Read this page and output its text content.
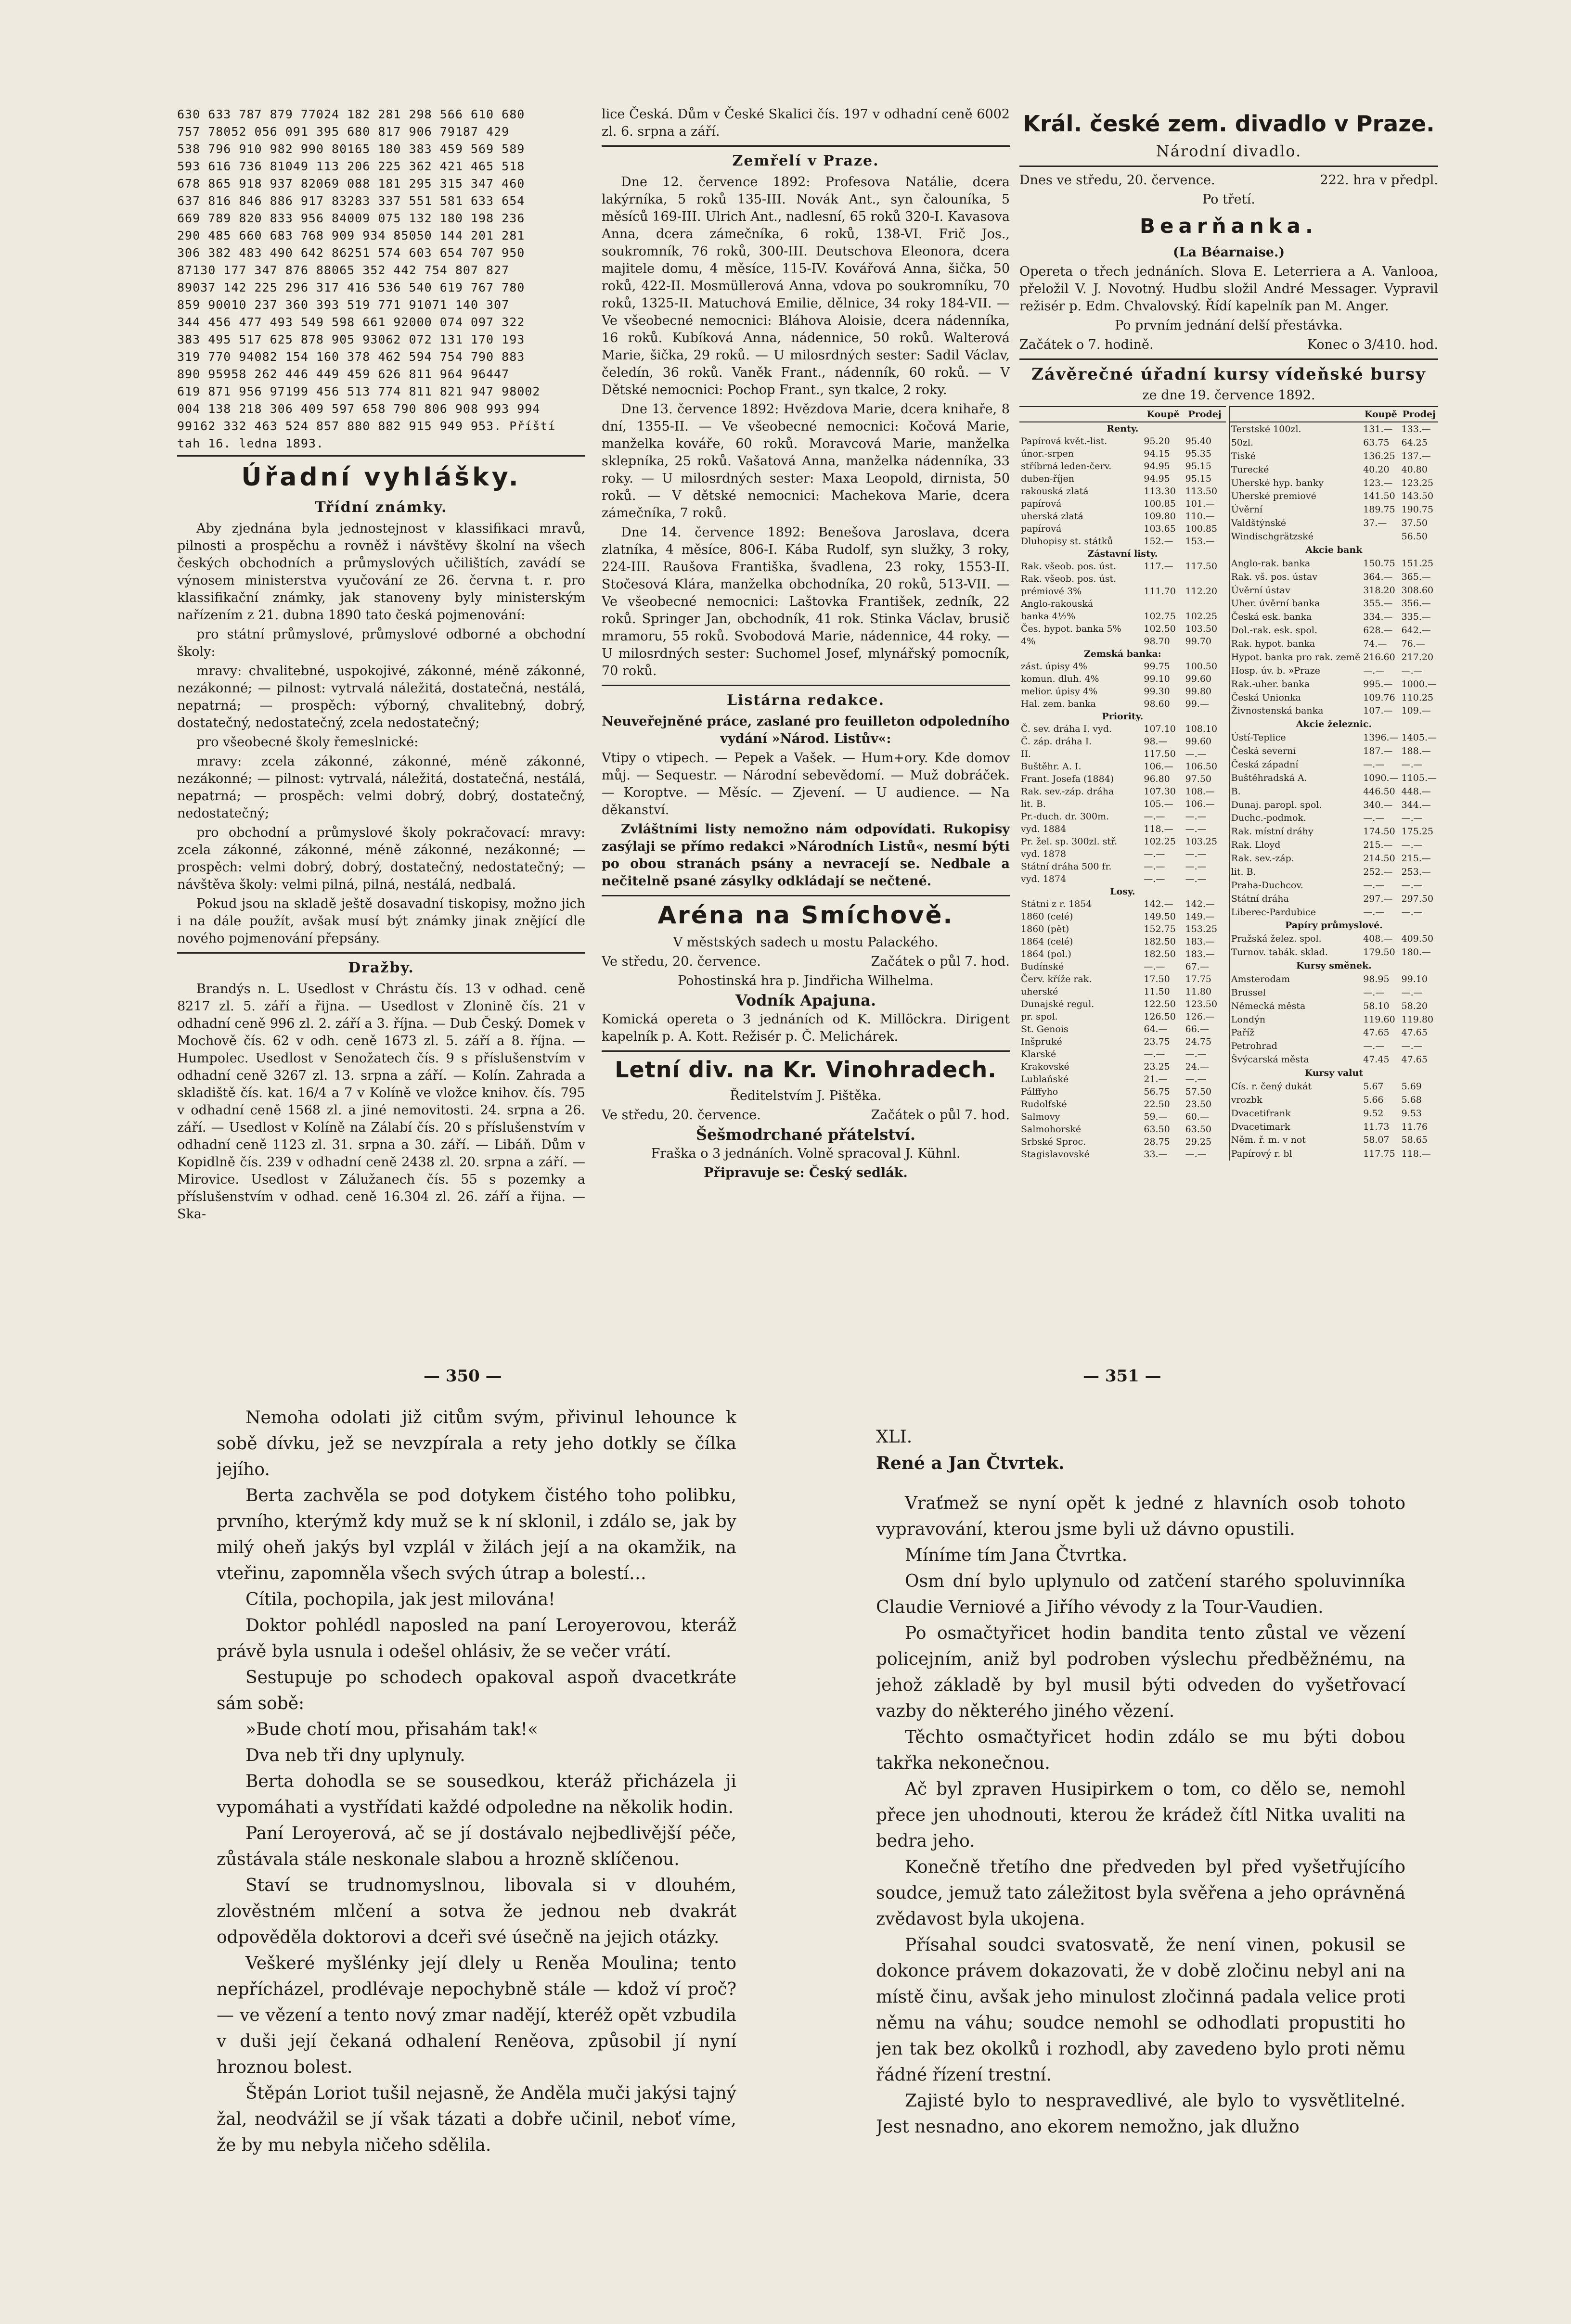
630 633 787 879 77024 182 281 298 566 610 680

757 78052 056 091 395 680 817 906 79187 429

538 796 910 982 990 80165 180 383 459 569 589

593 616 736 81049 113 206 225 362 421 465 518

678 865 918 937 82069 088 181 295 315 347 460

637 816 846 886 917 83283 337 551 581 633 654

669 789 820 833 956 84009 075 132 180 198 236

290 485 660 683 768 909 934 85050 144 201 281

306 382 483 490 642 86251 574 603 654 707 950

87130 177 347 876 88065 352 442 754 807 827

89037 142 225 296 317 416 536 540 619 767 780

859 90010 237 360 393 519 771 91071 140 307

344 456 477 493 549 598 661 92000 074 097 322

383 495 517 625 878 905 93062 072 131 170 193

319 770 94082 154 160 378 462 594 754 790 883

890 95958 262 446 449 459 626 811 964 96447

619 871 956 97199 456 513 774 811 821 947 98002

004 138 218 306 409 597 658 790 806 908 993 994

99162 332 463 524 857 880 882 915 949 953. Příští

tah 16. ledna 1893.

Úřadní vyhlášky.
Třídní známky.

Aby zjednána byla jednostejnost v klassifikaci mravů, pilnosti a prospěchu a rovněž i návštěvy školní na všech českých obchodních a průmyslových učilištích, zavádí se výnosem ministerstva vyučování ze 26. června t. r. pro klassifikační známky, jak stanoveny byly ministerským nařízením z 21. dubna 1890 tato česká pojmenování:

pro státní průmyslové, průmyslové odborné a obchodní školy:

mravy: chvalitebné, uspokojivé, zákonné, méně zákonné, nezákonné; — pilnost: vytrvalá náležitá, dostatečná, nestálá, nepatrná; — prospěch: výborný, chvalitebný, dobrý, dostatečný, nedostatečný, zcela nedostatečný;

pro všeobecné školy řemeslnické:

mravy: zcela zákonné, zákonné, méně zákonné, nezákonné; — pilnost: vytrvalá, náležitá, dostatečná, nestálá, nepatrná; — prospěch: velmi dobrý, dobrý, dostatečný, nedostatečný;

pro obchodní a průmyslové školy pokračovací: mravy: zcela zákonné, zákonné, méně zákonné, nezákonné; — prospěch: velmi dobrý, dobrý, dostatečný, nedostatečný; — návštěva školy: velmi pilná, pilná, nestálá, nedbalá.

Pokud jsou na skladě ještě dosavadní tiskopisy, možno jich i na dále použít, avšak musí být známky jinak znějící dle nového pojmenování přepsány.

Dražby.

Brandýs n. L. Usedlost v Chrástu čís. 13 v odhad. ceně 8217 zl. 5. září a řijna. — Usedlost v Zlonině čís. 21 v odhadní ceně 996 zl. 2. září a 3. října. — Dub Český. Domek v Mochově čís. 62 v odh. ceně 1673 zl. 5. září a 8. října. — Humpolec. Usedlost v Senožatech čís. 9 s příslušenstvím v odhadní ceně 3267 zl. 13. srpna a září. — Kolín. Zahrada a skladiště čís. kat. 16/4 a 7 v Kolíně ve vložce knihov. čís. 795 v odhadní ceně 1568 zl. a jiné nemovitosti. 24. srpna a 26. září. — Usedlost v Kolíně na Zálabí čís. 20 s příslušenstvím v odhadní ceně 1123 zl. 31. srpna a 30. září. — Libáň. Dům v Kopidlně čís. 239 v odhadní ceně 2438 zl. 20. srpna a září. — Mirovice. Usedlost v Zálužanech čís. 55 s pozemky a příslušenstvím v odhad. ceně 16.304 zl. 26. září a řijna. — Ska-

lice Česká. Dům v České Skalici čís. 197 v odhadní ceně 6002 zl. 6. srpna a září.

Zemřelí v Praze.

Dne 12. července 1892: Profesova Natálie, dcera lakýrníka, 5 roků 135-III. Novák Ant., syn čalouníka, 5 měsíců 169-III. Ulrich Ant., nadlesní, 65 roků 320-I. Kavasova Anna, dcera zámečníka, 6 roků, 138-VI. Frič Jos., soukromník, 76 roků, 300-III. Deutschova Eleonora, dcera majitele domu, 4 měsíce, 115-IV. Kovářová Anna, šička, 50 roků, 422-II. Mosmüllerová Anna, vdova po soukromníku, 70 roků, 1325-II. Matuchová Emilie, dělnice, 34 roky 184-VII. — Ve všeobecné nemocnici: Bláhova Aloisie, dcera nádenníka, 16 roků. Kubíková Anna, nádennice, 50 roků. Walterová Marie, šička, 29 roků. — U milosrdných sester: Sadil Václav, čeledín, 36 roků. Vaněk Frant., nádenník, 60 roků. — V Dětské nemocnici: Pochop Frant., syn tkalce, 2 roky.

Dne 13. července 1892: Hvězdova Marie, dcera knihaře, 8 dní, 1355-II. — Ve všeobecné nemocnici: Kočová Marie, manželka kováře, 60 roků. Moravcová Marie, manželka sklepníka, 25 roků. Vašatová Anna, manželka nádenníka, 33 roky. — U milosrdných sester: Maxa Leopold, dirnista, 50 roků. — V dětské nemocnici: Machekova Marie, dcera zámečníka, 7 roků.

Dne 14. července 1892: Benešova Jaroslava, dcera zlatníka, 4 měsíce, 806-I. Kába Rudolf, syn služky, 3 roky, 224-III. Raušova Františka, švadlena, 23 roky, 1553-II. Stočesová Klára, manželka obchodníka, 20 roků, 513-VII. — Ve všeobecné nemocnici: Laštovka František, zedník, 22 roků. Springer Jan, obchodník, 41 rok. Stinka Václav, brusič mramoru, 55 roků. Svobodová Marie, nádennice, 44 roky. — U milosrdných sester: Suchomel Josef, mlynářský pomocník, 70 roků.

Listárna redakce.

Neuveřejněné práce, zaslané pro feuilleton odpoledního vydání »Národ. Listův«:

Vtipy o vtipech. — Pepek a Vašek. — Hum+ory. Kde domov můj. — Sequestr. — Národní sebevědomí. — Muž dobráček. — Koroptve. — Měsíc. — Zjevení. — U audience. — Na děkanství.

Zvláštními listy nemožno nám odpovídati. Rukopisy zasýlaji se přímo redakci »Národních Listů«, nesmí býti po obou stranách psány a nevracejí se. Nedbale a nečitelně psané zásylky odkládají se nečtené.

Aréna na Smíchově.

V městských sadech u mostu Palackého.

Ve středu, 20. července.	Začátek o půl 7. hod.

Pohostinská hra p. Jindřicha Wilhelma.

Vodník Apajuna.

Komická opereta o 3 jednáních od K. Millöckra. Dirigent kapelník p. A. Kott. Režisér p. Č. Melichárek.

Letní div. na Kr. Vinohradech.

Ředitelstvím J. Pištěka.

Ve středu, 20. července.	Začátek o půl 7. hod.

Šešmodrchané přátelství.

Fraška o 3 jednáních. Volně spracoval J. Kühnl.

Připravuje se: Český sedlák.

Král. české zem. divadlo v Praze.
Národní divadlo.

Dnes ve středu, 20. července.	222. hra v předpl.

Po třetí.

Bearňanka.

(La Béarnaise.)

Opereta o třech jednáních. Slova E. Leterriera a A. Vanlooa, přeložil V. J. Novotný. Hudbu složil André Messager. Vypravil režisér p. Edm. Chvalovský. Řídí kapelník pan M. Anger.

Po prvním jednání delší přestávka.

Začátek o 7. hodině.	Konec o 3/410. hod.

Závěrečné úřadní kursy vídeňské bursy

ze dne 19. července 1892.

	Koupě	Prodej
Renty.		
Papírová květ.-list.	95.20	95.40
únor.-srpen	94.15	95.35
stříbrná leden-červ.	94.95	95.15
duben-říjen	94.95	95.15
rakouská zlatá	113.30	113.50
papírová	100.85	101.—
uherská zlatá	109.80	110.—
papírová	103.65	100.85
Dluhopisy st. státků	152.—	153.—
Zástavní listy.		
Rak. všeob. pos. úst.	117.—	117.50
Rak. všeob. pos. úst.		
prémiové 3%	111.70	112.20
Anglo-rakouská		
banka 4½%	102.75	102.25
Čes. hypot. banka 5%	102.50	103.50
4%	98.70	99.70
Zemská banka:		
zást. úpisy 4%	99.75	100.50
komun. dluh. 4%	99.10	99.60
melior. úpisy 4%	99.30	99.80
Hal. zem. banka	98.60	99.—
Priority.		
Č. sev. dráha I. vyd.	107.10	108.10
Č. záp. dráha I.	98.—	99.60
II.	117.50	—.—
Buštěhr. A. I.	106.—	106.50
Frant. Josefa (1884)	96.80	97.50
Rak. sev.-záp. dráha	107.30	108.—
lit. B.	105.—	106.—
Pr.-duch. dr. 300m.	—.—	—.—
vyd. 1884	118.—	—.—
Pr. žel. sp. 300zl. stř.	102.25	103.25
vyd. 1878	—.—	—.—
Státní dráha 500 fr.	—.—	—.—
vyd. 1874	—.—	—.—
Losy.		
Státní z r. 1854	142.—	142.—
1860 (celé)	149.50	149.—
1860 (pět)	152.75	153.25
1864 (celé)	182.50	183.—
1864 (pol.)	182.50	183.—
Budínské	—.—	67.—
Červ. kříže rak.	17.50	17.75
uherské	11.50	11.80
Dunajské regul.	122.50	123.50
pr. spol.	126.50	126.—
St. Genois	64.—	66.—
Inšpruké	23.75	24.75
Klarské	—.—	—.—
Krakovské	23.25	24.—
Lublaňské	21.—	—.—
Pálffyho	56.75	57.50
Rudolfské	22.50	23.50
Salmovy	59.—	60.—
Salmohorské	63.50	63.50
Srbské Sproc.	28.75	29.25
Stagislavovské	33.—	—.—
	Koupě	Prodej
Terstské 100zl.	131.—	133.—
50zl.	63.75	64.25
Tiské	136.25	137.—
Turecké	40.20	40.80
Uherské hyp. banky	123.—	123.25
Uherské premiové	141.50	143.50
Úvěrní	189.75	190.75
Valdštýnské	37.—	37.50
Windischgrätzské		56.50
Akcie bank		
Anglo-rak. banka	150.75	151.25
Rak. vš. pos. ústav	364.—	365.—
Úvěrní ústav	318.20	308.60
Uher. úvěrní banka	355.—	356.—
Česká esk. banka	334.—	335.—
Dol.-rak. esk. spol.	628.—	642.—
Rak. hypot. banka	74.—	76.—
Hypot. banka pro rak. země	216.60	217.20
Hosp. úv. b. »Praze	—.—	—.—
Rak.-uher. banka	995.—	1000.—
Česká Unionka	109.76	110.25
Živnostenská banka	107.—	109.—
Akcie železnic.		
Ústí-Teplice	1396.—	1405.—
Česká severní	187.—	188.—
Česká západní	—.—	—.—
Buštěhradská A.	1090.—	1105.—
B.	446.50	448.—
Dunaj. paropl. spol.	340.—	344.—
Duchc.-podmok.	—.—	—.—
Rak. místní dráhy	174.50	175.25
Rak. Lloyd	215.—	—.—
Rak. sev.-záp.	214.50	215.—
lit. B.	252.—	253.—
Praha-Duchcov.	—.—	—.—
Státní dráha	297.—	297.50
Liberec-Pardubice	—.—	—.—
Papíry průmyslové.		
Pražská želez. spol.	408.—	409.50
Turnov. tabák. sklad.	179.50	180.—
Kursy směnek.		
Amsterodam	98.95	99.10
Brussel	—.—	—.—
Německá města	58.10	58.20
Londýn	119.60	119.80
Paříž	47.65	47.65
Petrohrad	—.—	—.—
Švýcarská města	47.45	47.65
Kursy valut		
Cís. r. čený dukát	5.67	5.69
vrozbk	5.66	5.68
Dvacetifrank	9.52	9.53
Dvacetimark	11.73	11.76
Něm. ř. m. v not	58.07	58.65
Papírový r. bl	117.75	118.—
— 350 —

Nemoha odolati již citům svým, přivinul lehounce k sobě dívku, jež se nevzpírala a rety jeho dotkly se čílka jejího.

Berta zachvěla se pod dotykem čistého toho polibku, prvního, kterýmž kdy muž se k ní sklonil, i zdálo se, jak by milý oheň jakýs byl vzplál v žilách její a na okamžik, na vteřinu, zapomněla všech svých útrap a bolestí…

Cítila, pochopila, jak jest milována!

Doktor pohlédl naposled na paní Leroyerovou, kteráž právě byla usnula i odešel ohlásiv, že se večer vrátí.

Sestupuje po schodech opakoval aspoň dvacetkráte sám sobě:

»Bude chotí mou, přisahám tak!«

Dva neb tři dny uplynuly.

Berta dohodla se se sousedkou, kteráž přicházela ji vypomáhati a vystřídati každé odpoledne na několik hodin.

Paní Leroyerová, ač se jí dostávalo nejbedlivější péče, zůstávala stále neskonale slabou a hrozně sklíčenou.

Staví se trudnomyslnou, libovala si v dlouhém, zlověstném mlčení a sotva že jednou neb dvakrát odpověděla doktorovi a dceři své úsečně na jejich otázky.

Veškeré myšlénky její dlely u Reněa Moulina; tento nepřícházel, prodlévaje nepochybně stále — kdož ví proč? — ve vězení a tento nový zmar nadějí, kteréž opět vzbudila v duši její čekaná odhalení Reněova, způsobil jí nyní hroznou bolest.

Štěpán Loriot tušil nejasně, že Anděla muči jakýsi tajný žal, neodvážil se jí však tázati a dobře učinil, neboť víme, že by mu nebyla ničeho sdělila.

— 351 —

XLI.

René a Jan Čtvrtek.

Vraťmež se nyní opět k jedné z hlavních osob tohoto vypravování, kterou jsme byli už dávno opustili.

Míníme tím Jana Čtvrtka.

Osm dní bylo uplynulo od zatčení starého spoluvinníka Claudie Verniové a Jiřího vévody z la Tour-Vaudien.

Po osmačtyřicet hodin bandita tento zůstal ve vězení policejním, aniž byl podroben výslechu předběžnému, na jehož základě by byl musil býti odveden do vyšetřovací vazby do některého jiného vězení.

Těchto osmačtyřicet hodin zdálo se mu býti dobou takřka nekonečnou.

Ač byl zpraven Husipirkem o tom, co dělo se, nemohl přece jen uhodnouti, kterou že krádež čítl Nitka uvaliti na bedra jeho.

Konečně třetího dne předveden byl před vyšetřujícího soudce, jemuž tato záležitost byla svěřena a jeho oprávněná zvědavost byla ukojena.

Přísahal soudci svatosvatě, že není vinen, pokusil se dokonce právem dokazovati, že v době zločinu nebyl ani na místě činu, avšak jeho minulost zločinná padala velice proti němu na váhu; soudce nemohl se odhodlati propustiti ho jen tak bez okolků i rozhodl, aby zavedeno bylo proti němu řádné řízení trestní.

Zajisté bylo to nespravedlivé, ale bylo to vysvětlitelné. Jest nesnadno, ano ekorem nemožno, jak dlužno
